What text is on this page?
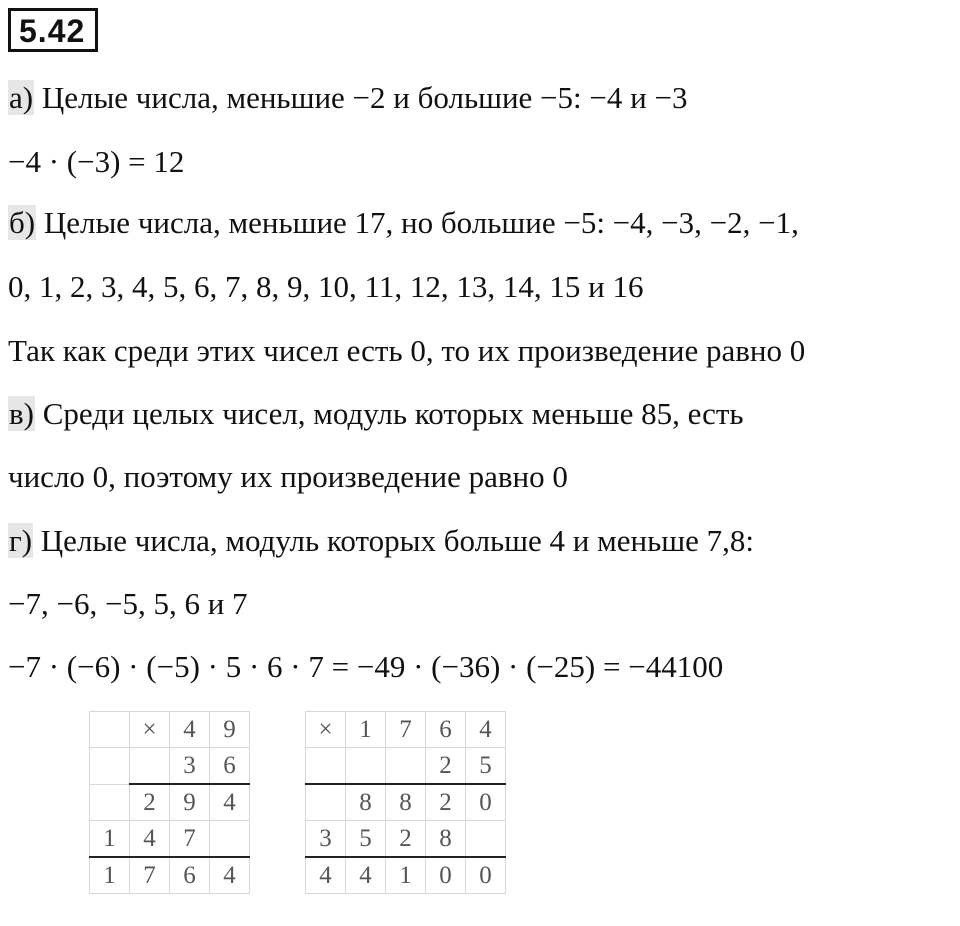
5.42
а) Целые числа, меньшие −2 и большие −5: −4 и −3
−4 · (−3) = 12
б) Целые числа, меньшие 17, но большие −5: −4, −3, −2, −1,
0, 1, 2, 3, 4, 5, 6, 7, 8, 9, 10, 11, 12, 13, 14, 15 и 16
Так как среди этих чисел есть 0, то их произведение равно 0
в) Среди целых чисел, модуль которых меньше 85, есть
число 0, поэтому их произведение равно 0
г) Целые числа, модуль которых больше 4 и меньше 7,8:
−7, −6, −5, 5, 6 и 7
−7 · (−6) · (−5) · 5 · 6 · 7 = −49 · (−36) · (−25) = −44100
	×	4	9
		3	6
	2	9	4
1	4	7	
1	7	6	4
×	1	7	6	4
			2	5
	8	8	2	0
3	5	2	8	
4	4	1	0	0
